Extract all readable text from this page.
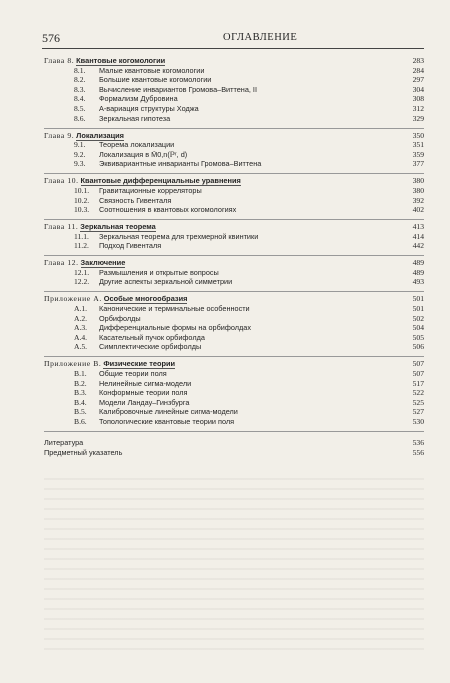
576	ОГЛАВЛЕНИЕ
Глава 8. Квантовые когомологии	283
8.1. Малые квантовые когомологии	284
8.2. Большие квантовые когомологии	297
8.3. Вычисление инвариантов Громова–Виттена, II	304
8.4. Формализм Дубровина	308
8.5. A-вариация структуры Ходжа	312
8.6. Зеркальная гипотеза	329
Глава 9. Локализация	350
9.1. Теорема локализации	351
9.2. Локализация в M̄0,n(ℙʳ, d)	359
9.3. Эквивариантные инварианты Громова–Виттена	377
Глава 10. Квантовые дифференциальные уравнения	380
10.1. Гравитационные корреляторы	380
10.2. Связность Гивенталя	392
10.3. Соотношения в квантовых когомологиях	402
Глава 11. Зеркальная теорема	413
11.1. Зеркальная теорема для трехмерной квинтики	414
11.2. Подход Гивенталя	442
Глава 12. Заключение	489
12.1. Размышления и открытые вопросы	489
12.2. Другие аспекты зеркальной симметрии	493
Приложение А. Особые многообразия	501
А.1. Канонические и терминальные особенности	501
А.2. Орбифолды	502
А.3. Дифференциальные формы на орбифолдах	504
А.4. Касательный пучок орбифолда	505
А.5. Симплектические орбифолды	506
Приложение В. Физические теории	507
В.1. Общие теории поля	507
В.2. Нелинейные сигма-модели	517
В.3. Конформные теории поля	522
В.4. Модели Ландау–Гинзбурга	525
В.5. Калибровочные линейные сигма-модели	527
В.6. Топологические квантовые теории поля	530
Литература	536
Предметный указатель	556
